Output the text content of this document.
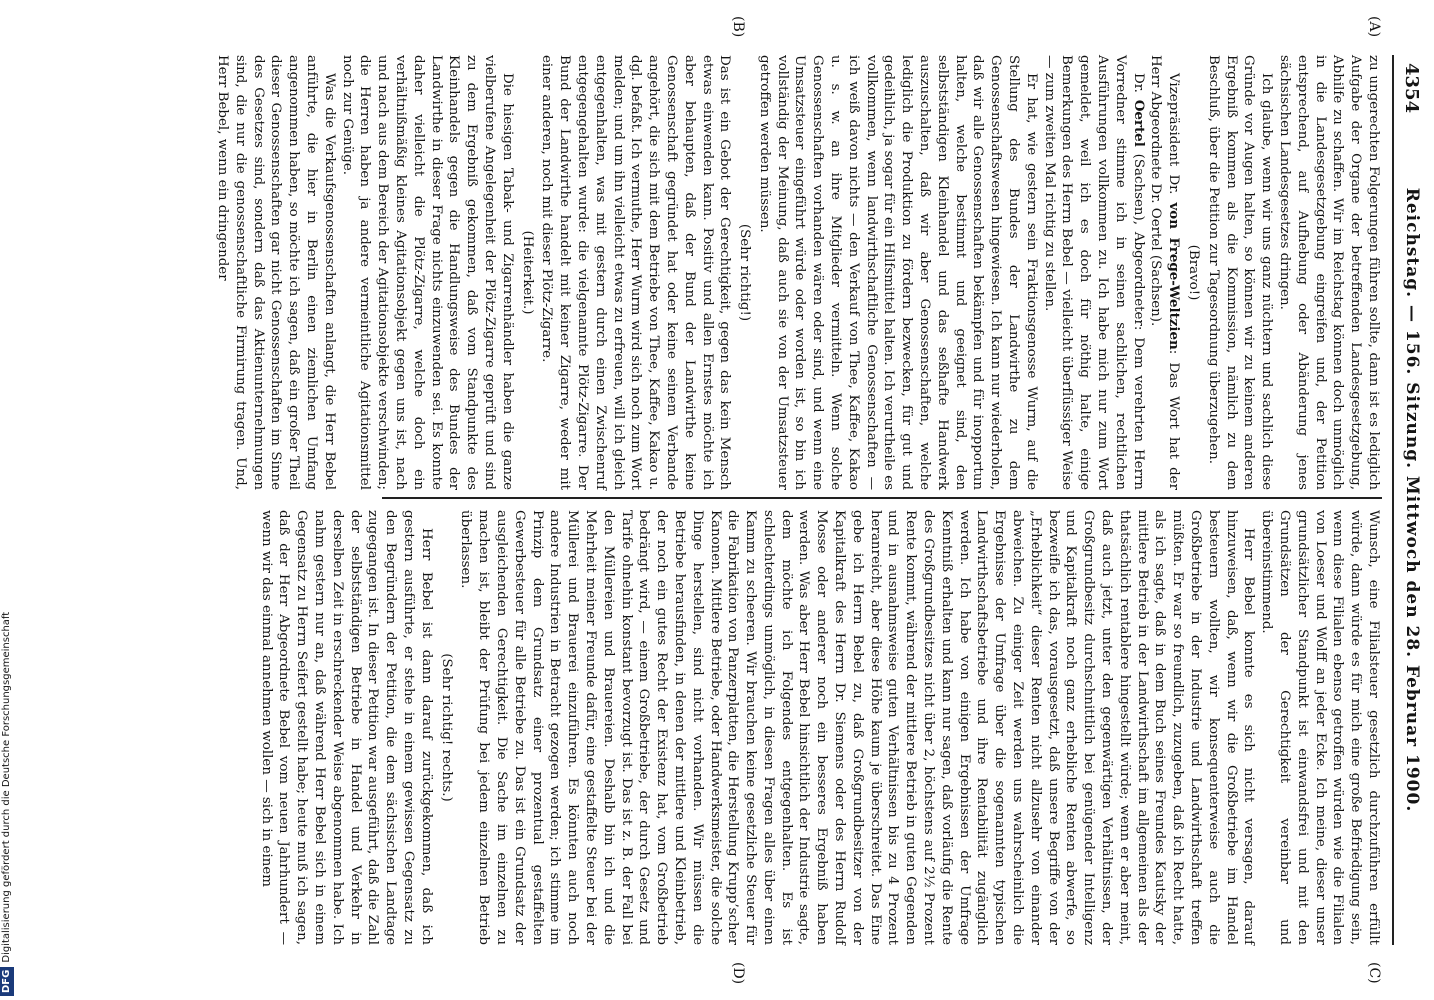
4354
Reichstag. — 156. Sitzung. Mittwoch den 28. Februar 1900.
(A)
(B)
(C)
(D)

zu ungerechten Folgerungen führen sollte, dann ist es lediglich Aufgabe der Organe der betreffenden Landesgesetzgebung, Abhilfe zu schaffen. Wir im Reichstag können doch unmöglich in die Landesgesetzgebung eingreifen und, der Petition entsprechend, auf Aufhebung oder Abänderung jenes sächsischen Landesgesetzes dringen.

Ich glaube, wenn wir uns ganz nüchtern und sachlich diese Gründe vor Augen halten, so können wir zu keinem anderen Ergebniß kommen als die Kommission, nämlich zu dem Beschluß, über die Petition zur Tagesordnung überzugehen.

(Bravo!)

Vizepräsident Dr. von Frege-Weltzien: Das Wort hat der Herr Abgeordnete Dr. Oertel (Sachsen).

Dr. Oertel (Sachsen), Abgeordneter: Dem verehrten Herrn Vorredner stimme ich in seinen sachlichen, rechtlichen Ausführungen vollkommen zu. Ich habe mich nur zum Wort gemeldet, weil ich es doch für nöthig halte, einige Bemerkungen des Herrn Bebel — vielleicht überflüssiger Weise — zum zweiten Mal richtig zu stellen.

Er hat, wie gestern sein Fraktionsgenosse Wurm, auf die Stellung des Bundes der Landwirthe zu dem Genossenschaftswesen hingewiesen. Ich kann nur wiederholen, daß wir alle Genossenschaften bekämpfen und für inopportun halten, welche bestimmt und geeignet sind, den selbstständigen Kleinhandel und das seßhafte Handwerk auszuschalten, daß wir aber Genossenschaften, welche lediglich die Produktion zu fördern bezwecken, für gut und gedeihlich, ja sogar für ein Hilfsmittel halten. Ich verurtheile es vollkommen, wenn landwirthschaftliche Genossenschaften — ich weiß davon nichts — den Verkauf von Thee, Kaffee, Kakao u. s. w. an ihre Mitglieder vermitteln. Wenn solche Genossenschaften vorhanden wären oder sind, und wenn eine Umsatzsteuer eingeführt würde oder worden ist, so bin ich vollständig der Meinung, daß auch sie von der Umsatzsteuer getroffen werden müssen.

(Sehr richtig!)

Das ist ein Gebot der Gerechtigkeit, gegen das kein Mensch etwas einwenden kann. Positiv und allen Ernstes möchte ich aber behaupten, daß der Bund der Landwirthe keine Genossenschaft gegründet hat oder keine seinem Verbande angehört, die sich mit dem Betriebe von Thee, Kaffee, Kakao u. dgl. befaßt. Ich vermuthe, Herr Wurm wird sich noch zum Wort melden; und um ihn vielleicht etwas zu erfreuen, will ich gleich entgegenhalten, was mit gestern durch einen Zwischenruf entgegengehalten wurde: die vielgenannte Plötz-Zigarre. Der Bund der Landwirthe handelt mit keiner Zigarre, weder mit einer anderen, noch mit dieser Plötz-Zigarre.

(Heiterkeit.)

Die hiesigen Tabak- und Zigarrenhändler haben die ganze vielberufene Angelegenheit der Plötz-Zigarre geprüft und sind zu dem Ergebniß gekommen, daß vom Standpunkte des Kleinhandels gegen die Handlungsweise des Bundes der Landwirthe in dieser Frage nichts einzuwenden sei. Es konnte daher vielleicht die Plötz-Zigarre, welche doch ein verhältnißmäßig kleines Agitationsobjekt gegen uns ist, nach und nach aus dem Bereich der Agitationsobjekte verschwinden; die Herren haben ja andere vermeintliche Agitationsmittel noch zur Genüge.

Was die Verkaufsgenossenschaften anlangt, die Herr Bebel anführte, die hier in Berlin einen ziemlichen Umfang angenommen haben, so möchte ich sagen, daß ein großer Theil dieser Genossenschaften gar nicht Genossenschaften im Sinne des Gesetzes sind, sondern daß das Aktienunternehmungen sind, die nur die genossenschaftliche Firmirung tragen. Und, Herr Bebel, wenn ein dringender

Wunsch, eine Filialsteuer gesetzlich durchzuführen erfüllt würde, dann würde es für mich eine große Befriedigung sein, wenn diese Filialen ebenso getroffen würden wie die Filialen von Loeser und Wolff an jeder Ecke. Ich meine, dieser unser grundsätzlicher Standpunkt ist einwandsfrei und mit den Grundsätzen der Gerechtigkeit vereinbar und übereinstimmend.

Herr Bebel konnte es sich nicht versagen, darauf hinzuweisen, daß, wenn wir die Großbetriebe im Handel besteuern wollten, wir konsequenterweise auch die Großbetriebe in der Industrie und Landwirthschaft treffen müßten. Er war so freundlich, zuzugeben, daß ich Recht hatte, als ich sagte, daß in dem Buch seines Freundes Kautsky der mittlere Betrieb in der Landwirthschaft im allgemeinen als der thatsächlich rentablere hingestellt würde; wenn er aber meint, daß auch jetzt, unter den gegenwärtigen Verhältnissen, der Großgrundbesitz durchschnittlich bei genügender Intelligenz und Kapitalkraft noch ganz erhebliche Renten abwerfe, so bezweifle ich das, vorausgesetzt, daß unsere Begriffe von der „Erheblichkeit“ dieser Renten nicht allzusehr von einander abweichen. Zu einiger Zeit werden uns wahrscheinlich die Ergebnisse der Umfrage über die sogenannten typischen Landwirthschaftsbetriebe und ihre Rentabilität zugänglich werden. Ich habe von einigen Ergebnissen der Umfrage Kenntniß erhalten und kann nur sagen, daß vorläufig die Rente des Großgrundbesitzes nicht über 2, höchstens auf 2½ Prozent Rente kommt, während der mittlere Betrieb in guten Gegenden und in ausnahmsweise guten Verhältnissen bis zu 4 Prozent heranreicht, aber diese Höhe kaum je überschreitet. Das Eine gebe ich Herrn Bebel zu, daß Großgrundbesitzer von der Kapitalkraft des Herrn Dr. Siemens oder des Herrn Rudolf Mosse oder anderer noch ein besseres Ergebniß haben werden. Was aber Herr Bebel hinsichtlich der Industrie sagte, dem möchte ich Folgendes entgegenhalten. Es ist schlechterdings unmöglich, in diesen Fragen alles über einen Kamm zu scheeren. Wir brauchen keine gesetzliche Steuer für die Fabrikation von Panzerplatten, die Herstellung Krupp’scher Kanonen. Mittlere Betriebe, oder Handwerksmeister, die solche Dinge herstellen, sind nicht vorhanden. Wir müssen die Betriebe herausfinden, in denen der mittlere und Kleinbetrieb, der noch ein gutes Recht der Existenz hat, vom Großbetrieb bedrängt wird, — einem Großbetriebe, der durch Gesetz und Tarife ohnehin konstant bevorzugt ist. Das ist z. B. der Fall bei den Müllereien und Brauereien. Deshalb bin ich und die Mehrheit meiner Freunde dafür, eine gestaffelte Steuer bei der Müllerei und Brauerei einzuführen. Es könnten auch noch andere Industrien in Betracht gezogen werden; ich stimme im Prinzip dem Grundsatz einer prozentual gestaffelten Gewerbesteuer für alle Betriebe zu. Das ist ein Grundsatz der ausgleichenden Gerechtigkeit. Die Sache im einzelnen zu machen ist, bleibt der Prüfung bei jedem einzelnen Betrieb überlassen.

(Sehr richtig! rechts.)

Herr Bebel ist dann darauf zurückgekommen, daß ich gestern ausführte, er stehe in einem gewissen Gegensatz zu den Begründern der Petition, die dem sächsischen Landtage zugegangen ist. In dieser Petition war ausgeführt, daß die Zahl der selbstständigen Betriebe in Handel und Verkehr in derselben Zeit in erschreckender Weise abgenommen habe. Ich nahm gestern nur an, daß während Herr Bebel sich in einem Gegensatz zu Herrn Seifert gestellt habe; heute muß ich sagen, daß der Herr Abgeordnete Bebel vom neuen Jahrhundert — wenn wir das einmal annehmen wollen — sich in einem

DFGDigitalisierung gefördert durch die Deutsche Forschungsgemeinschaft
